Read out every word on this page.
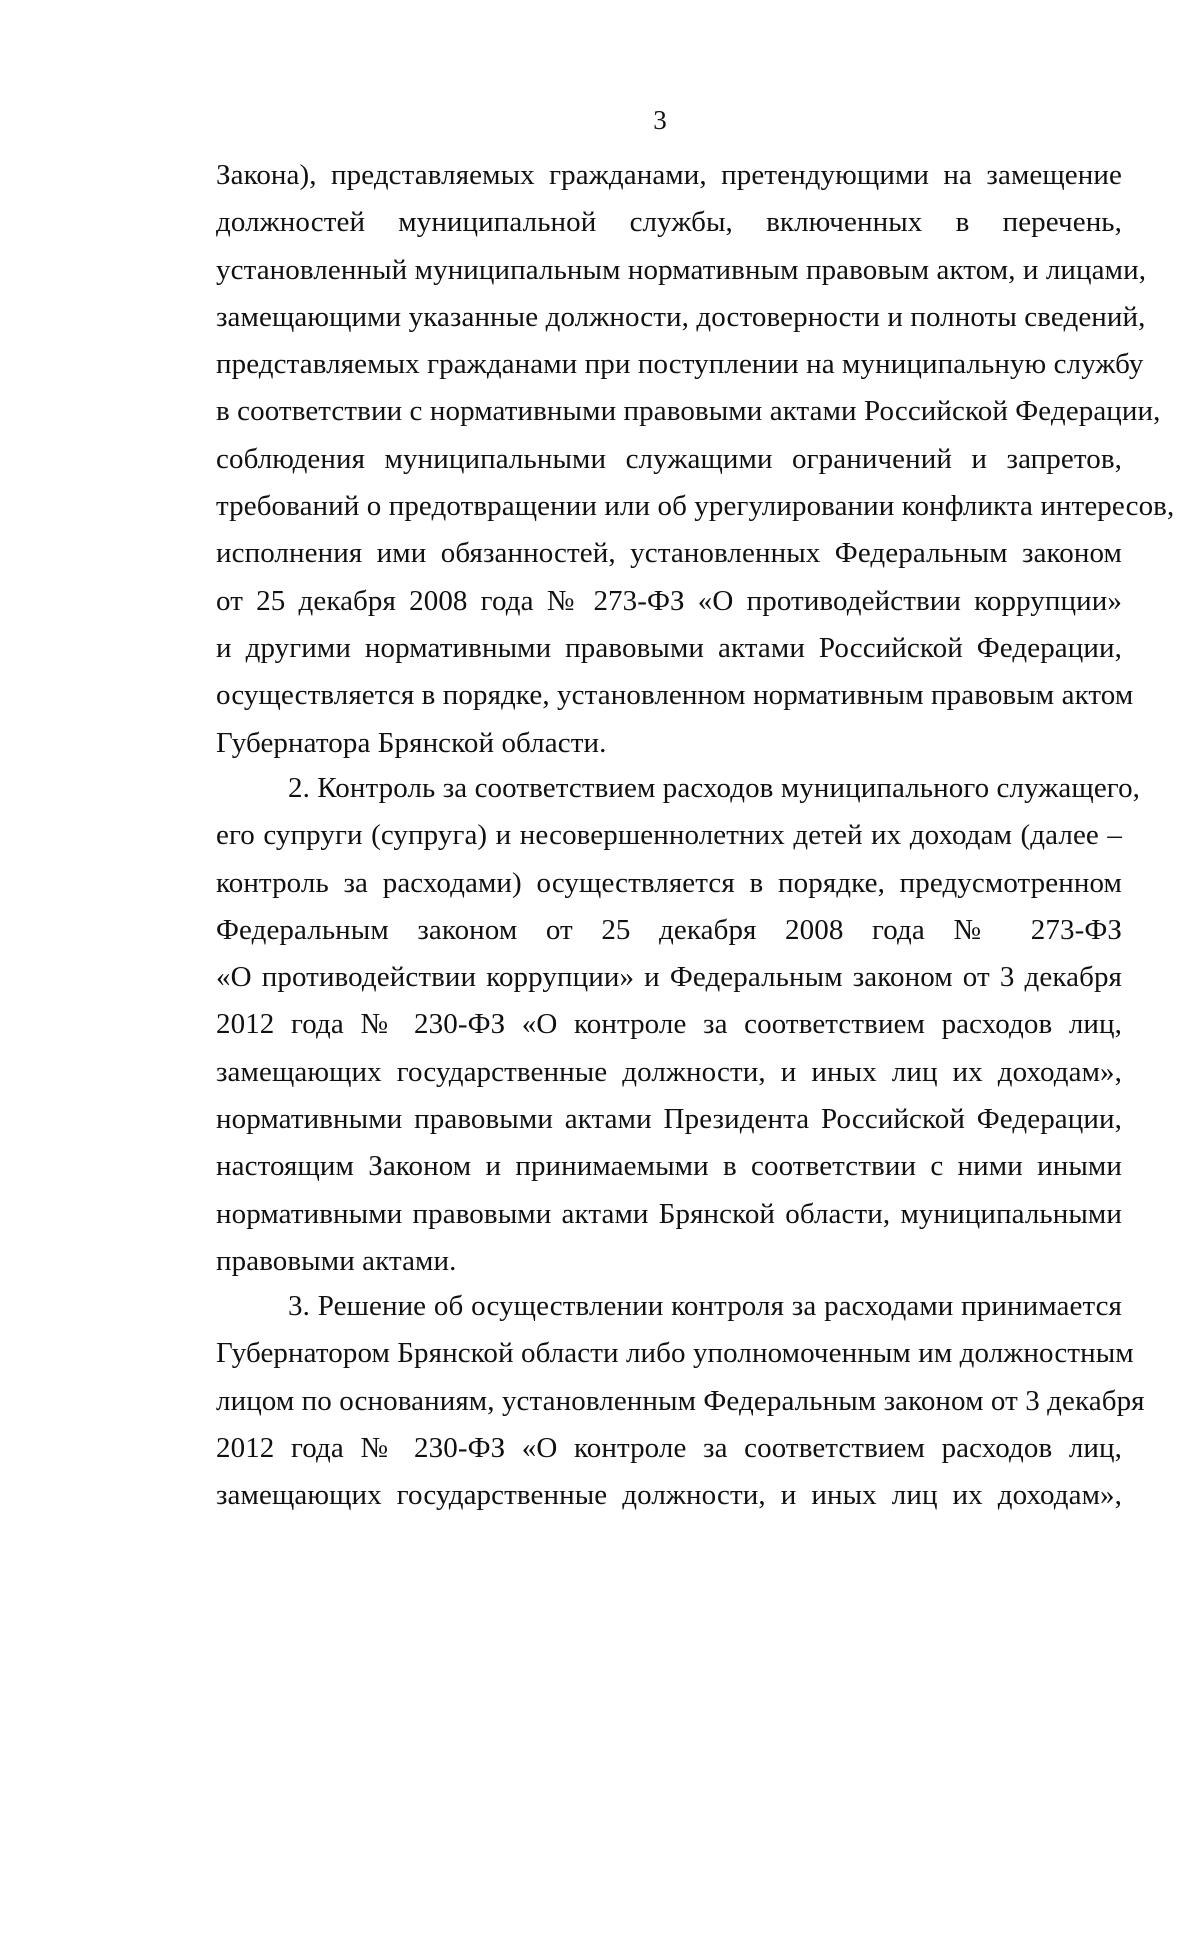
3
Закона), представляемых гражданами, претендующими на замещение
должностей муниципальной службы, включенных в перечень,
установленный муниципальным нормативным правовым актом, и лицами,
замещающими указанные должности, достоверности и полноты сведений,
представляемых гражданами при поступлении на муниципальную службу
в соответствии с нормативными правовыми актами Российской Федерации,
соблюдения муниципальными служащими ограничений и запретов,
требований о предотвращении или об урегулировании конфликта интересов,
исполнения ими обязанностей, установленных Федеральным законом
от 25 декабря 2008 года № 273-ФЗ «О противодействии коррупции»
и другими нормативными правовыми актами Российской Федерации,
осуществляется в порядке, установленном нормативным правовым актом
Губернатора Брянской области.
2. Контроль за соответствием расходов муниципального служащего,
его супруги (супруга) и несовершеннолетних детей их доходам (далее –
контроль за расходами) осуществляется в порядке, предусмотренном
Федеральным законом от 25 декабря 2008 года № 273-ФЗ
«О противодействии коррупции» и Федеральным законом от 3 декабря
2012 года № 230-ФЗ «О контроле за соответствием расходов лиц,
замещающих государственные должности, и иных лиц их доходам»,
нормативными правовыми актами Президента Российской Федерации,
настоящим Законом и принимаемыми в соответствии с ними иными
нормативными правовыми актами Брянской области, муниципальными
правовыми актами.
3. Решение об осуществлении контроля за расходами принимается
Губернатором Брянской области либо уполномоченным им должностным
лицом по основаниям, установленным Федеральным законом от 3 декабря
2012 года № 230-ФЗ «О контроле за соответствием расходов лиц,
замещающих государственные должности, и иных лиц их доходам»,
